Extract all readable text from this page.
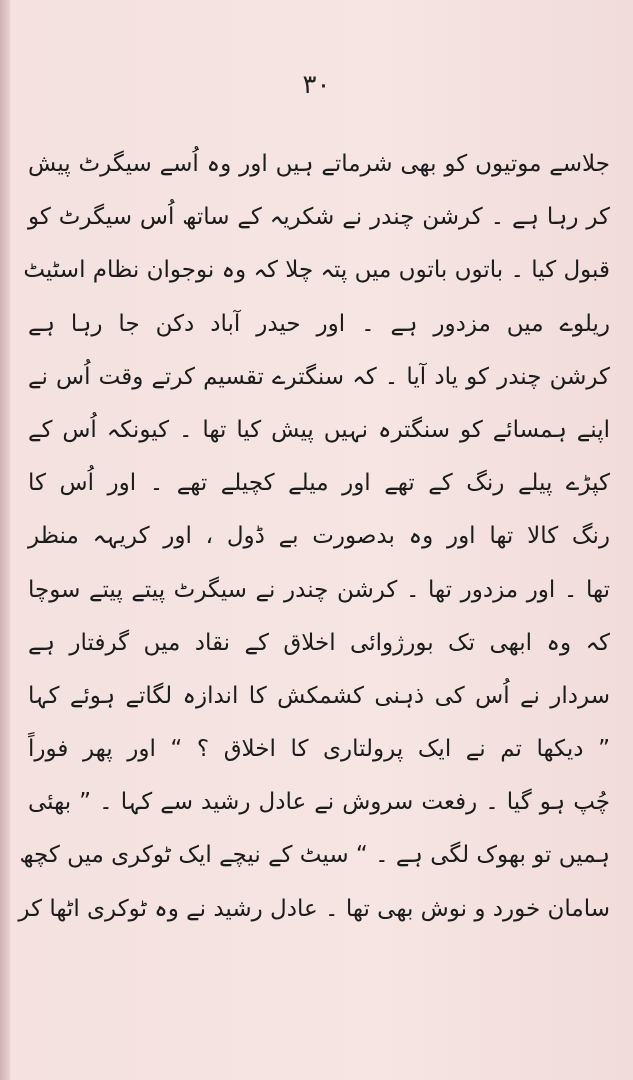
۳۰
جلاسے موتیوں کو بھی شرماتے ہیں اور وہ اُسے سیگرٹ پیش
کر رہا ہے ۔ کرشن چندر نے شکریہ کے ساتھ اُس سیگرٹ کو
قبول کیا ۔ باتوں باتوں میں پتہ چلا کہ وہ نوجوان نظام اسٹیٹ
ریلوے میں مزدور ہے ۔ اور حیدر آباد دکن جا رہا ہے
کرشن چندر کو یاد آیا ۔ کہ سنگترے تقسیم کرتے وقت اُس نے
اپنے ہمسائے کو سنگترہ نہیں پیش کیا تھا ۔ کیونکہ اُس کے
کپڑے پیلے رنگ کے تھے اور میلے کچیلے تھے ۔ اور اُس کا
رنگ کالا تھا اور وہ بدصورت بے ڈول ، اور کریہہ منظر
تھا ۔ اور مزدور تھا ۔ کرشن چندر نے سیگرٹ پیتے پیتے سوچا
کہ وہ ابھی تک بورژوائی اخلاق کے نقاد میں گرفتار ہے
سردار نے اُس کی ذہنی کشمکش کا اندازہ لگاتے ہوئے کہا
” دیکھا تم نے ایک پرولتاری کا اخلاق ؟ “ اور پھر فوراً
چُپ ہو گیا ۔ رفعت سروش نے عادل رشید سے کہا ۔ ” بھئی
ہمیں تو بھوک لگی ہے ۔ “ سیٹ کے نیچے ایک ٹوکری میں کچھ
سامان خورد و نوش بھی تھا ۔ عادل رشید نے وہ ٹوکری اٹھا کر
